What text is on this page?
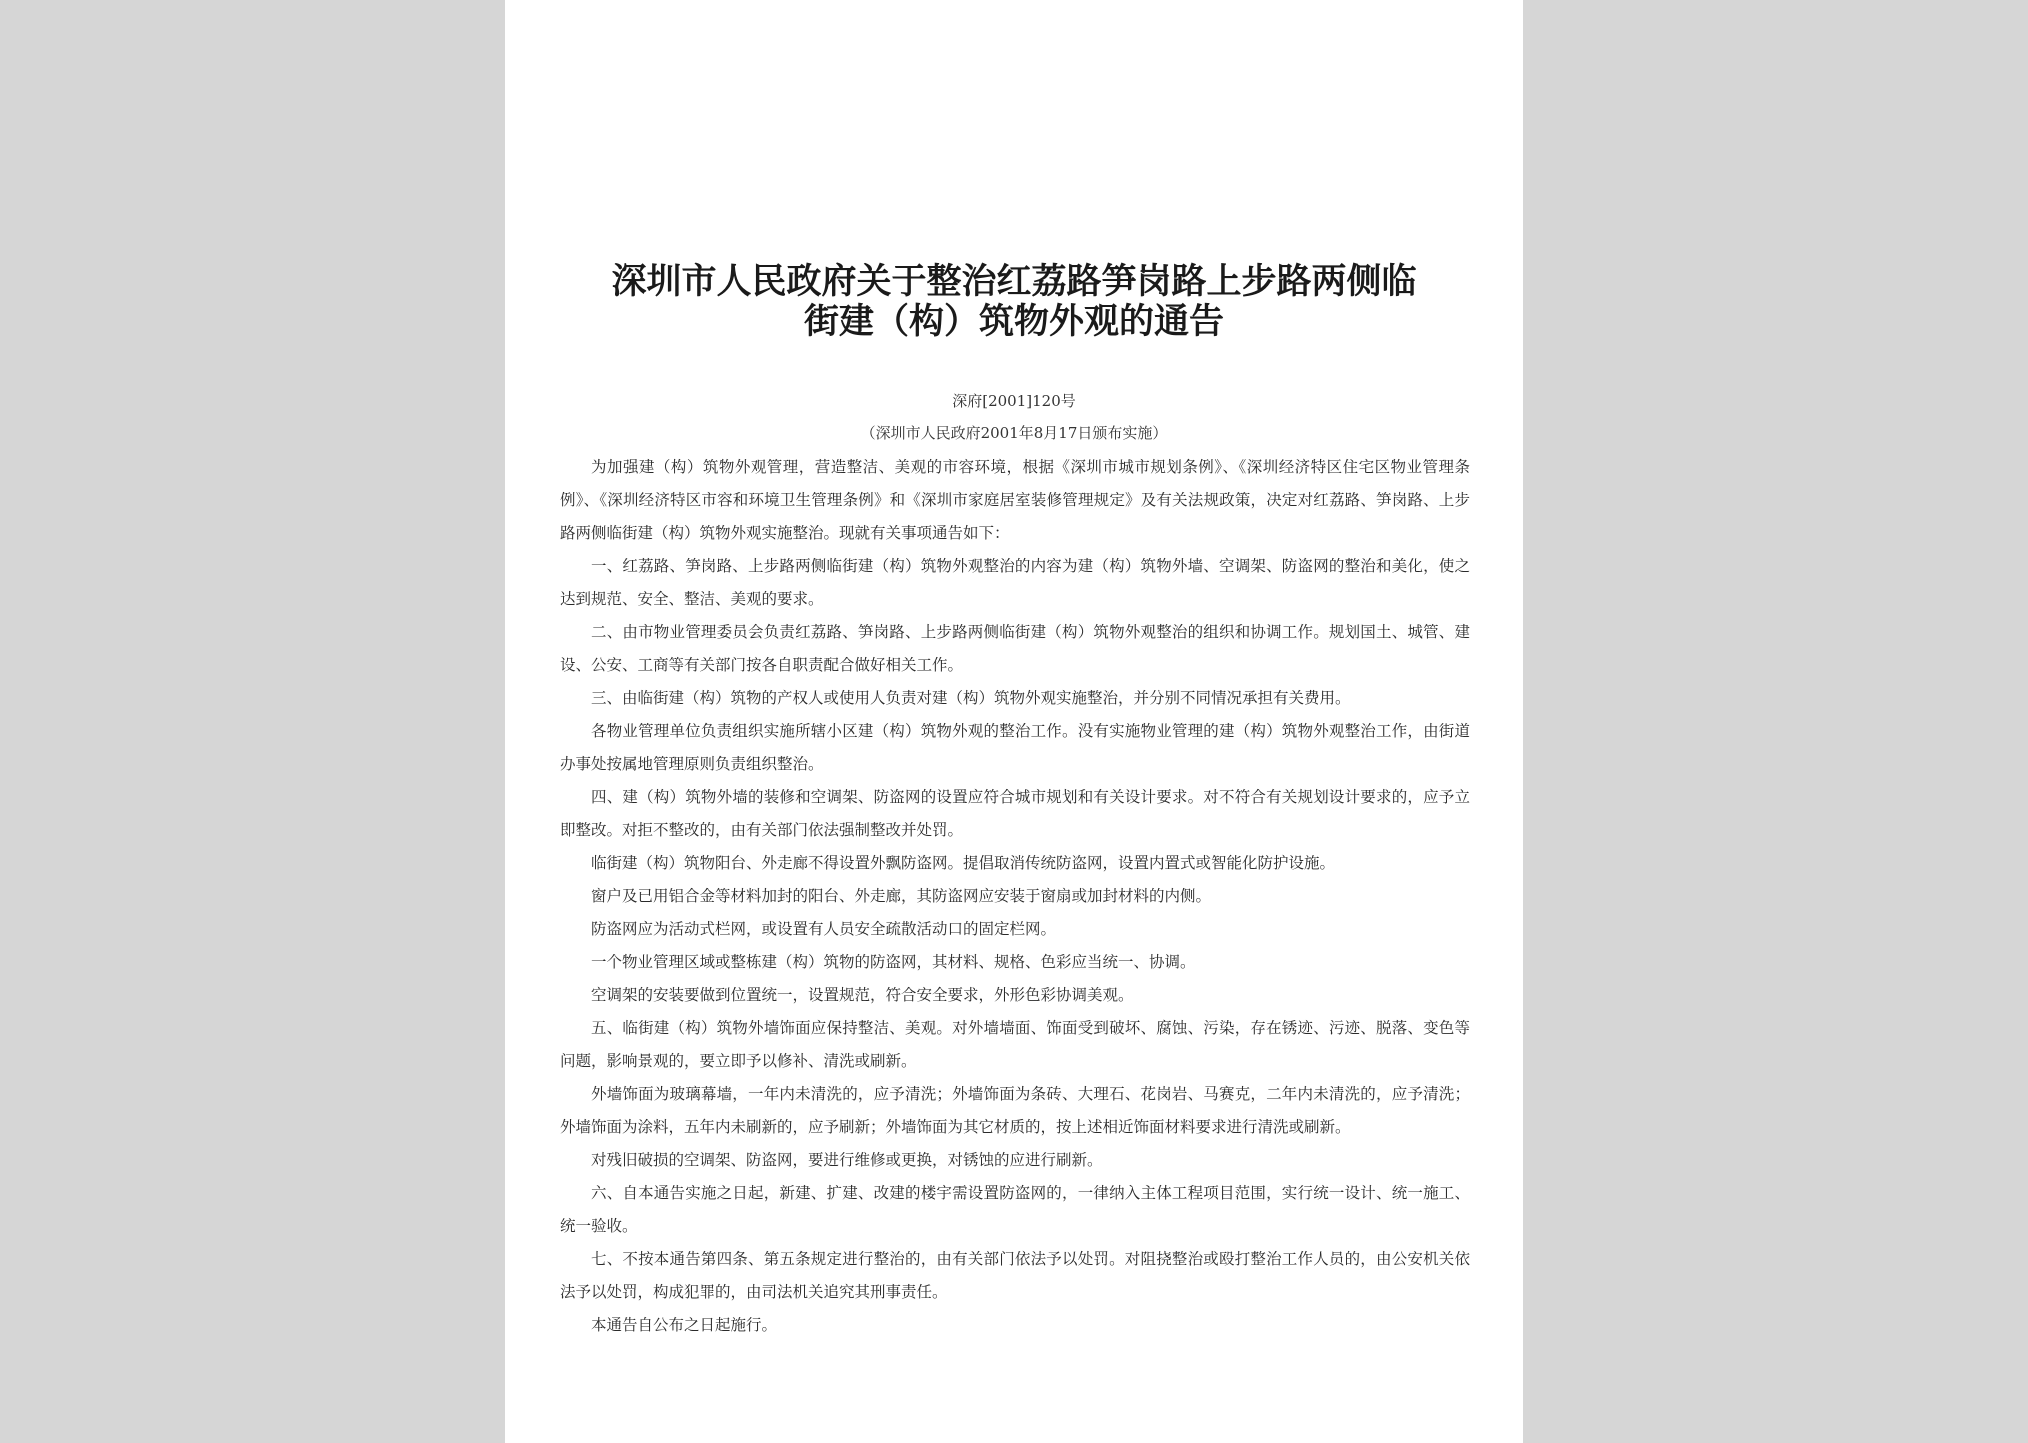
深圳市人民政府关于整治红荔路笋岗路上步路两侧临
街建（构）筑物外观的通告
深府[2001]120号
（深圳市人民政府2001年8月17日颁布实施）

为加强建（构）筑物外观管理，营造整洁、美观的市容环境，根据《深圳市城市规划条例》、《深圳经济特区住宅区物业管理条例》、《深圳经济特区市容和环境卫生管理条例》和《深圳市家庭居室装修管理规定》及有关法规政策，决定对红荔路、笋岗路、上步路两侧临街建（构）筑物外观实施整治。现就有关事项通告如下：

一、红荔路、笋岗路、上步路两侧临街建（构）筑物外观整治的内容为建（构）筑物外墙、空调架、防盗网的整治和美化，使之达到规范、安全、整洁、美观的要求。

二、由市物业管理委员会负责红荔路、笋岗路、上步路两侧临街建（构）筑物外观整治的组织和协调工作。规划国土、城管、建设、公安、工商等有关部门按各自职责配合做好相关工作。

三、由临街建（构）筑物的产权人或使用人负责对建（构）筑物外观实施整治，并分别不同情况承担有关费用。

各物业管理单位负责组织实施所辖小区建（构）筑物外观的整治工作。没有实施物业管理的建（构）筑物外观整治工作，由街道办事处按属地管理原则负责组织整治。

四、建（构）筑物外墙的装修和空调架、防盗网的设置应符合城市规划和有关设计要求。对不符合有关规划设计要求的，应予立即整改。对拒不整改的，由有关部门依法强制整改并处罚。

临街建（构）筑物阳台、外走廊不得设置外飘防盗网。提倡取消传统防盗网，设置内置式或智能化防护设施。

窗户及已用铝合金等材料加封的阳台、外走廊，其防盗网应安装于窗扇或加封材料的内侧。

防盗网应为活动式栏网，或设置有人员安全疏散活动口的固定栏网。

一个物业管理区域或整栋建（构）筑物的防盗网，其材料、规格、色彩应当统一、协调。

空调架的安装要做到位置统一，设置规范，符合安全要求，外形色彩协调美观。

五、临街建（构）筑物外墙饰面应保持整洁、美观。对外墙墙面、饰面受到破坏、腐蚀、污染，存在锈迹、污迹、脱落、变色等问题，影响景观的，要立即予以修补、清洗或刷新。

外墙饰面为玻璃幕墙，一年内未清洗的，应予清洗；外墙饰面为条砖、大理石、花岗岩、马赛克，二年内未清洗的，应予清洗；外墙饰面为涂料，五年内未刷新的，应予刷新；外墙饰面为其它材质的，按上述相近饰面材料要求进行清洗或刷新。

对残旧破损的空调架、防盗网，要进行维修或更换，对锈蚀的应进行刷新。

六、自本通告实施之日起，新建、扩建、改建的楼宇需设置防盗网的，一律纳入主体工程项目范围，实行统一设计、统一施工、统一验收。

七、不按本通告第四条、第五条规定进行整治的，由有关部门依法予以处罚。对阻挠整治或殴打整治工作人员的，由公安机关依法予以处罚，构成犯罪的，由司法机关追究其刑事责任。

本通告自公布之日起施行。
